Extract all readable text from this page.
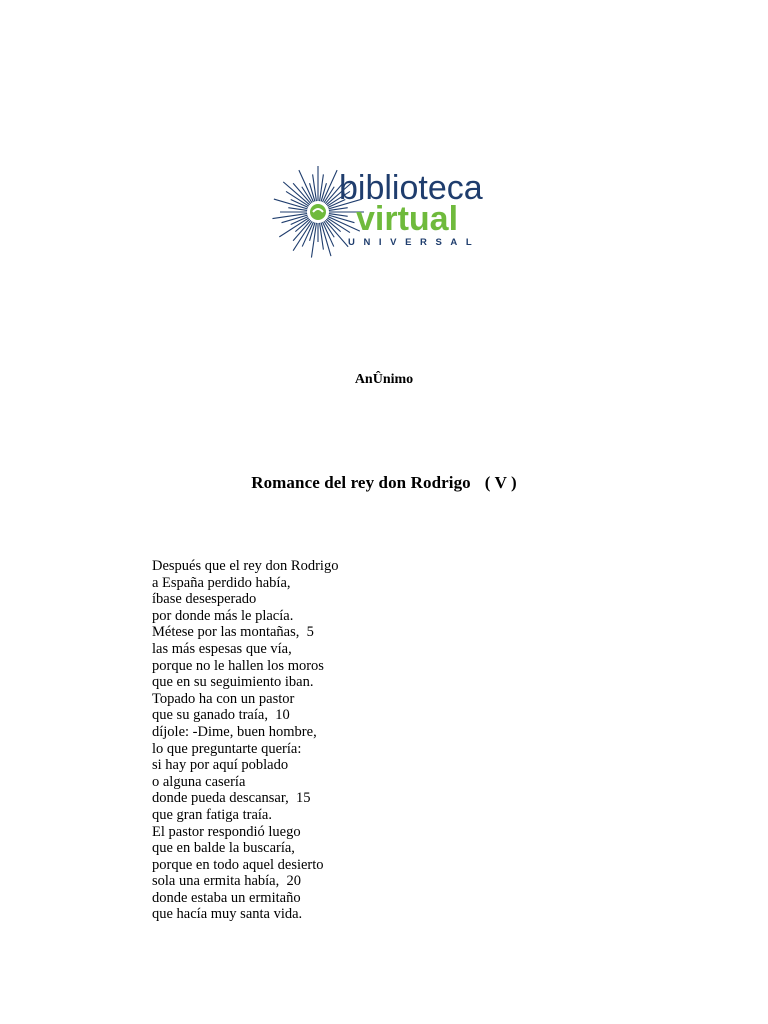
biblioteca
virtual
UNIVERSAL
AnÛnimo
Romance del rey don Rodrigo ( V )
Después que el rey don Rodrigo
a España perdido había,
íbase desesperado
por donde más le placía.
Métese por las montañas,  5
las más espesas que vía,
porque no le hallen los moros
que en su seguimiento iban.
Topado ha con un pastor
que su ganado traía,  10
díjole: -Dime, buen hombre,
lo que preguntarte quería:
si hay por aquí poblado
o alguna casería
donde pueda descansar,  15
que gran fatiga traía.
El pastor respondió luego
que en balde la buscaría,
porque en todo aquel desierto
sola una ermita había,  20
donde estaba un ermitaño
que hacía muy santa vida.
